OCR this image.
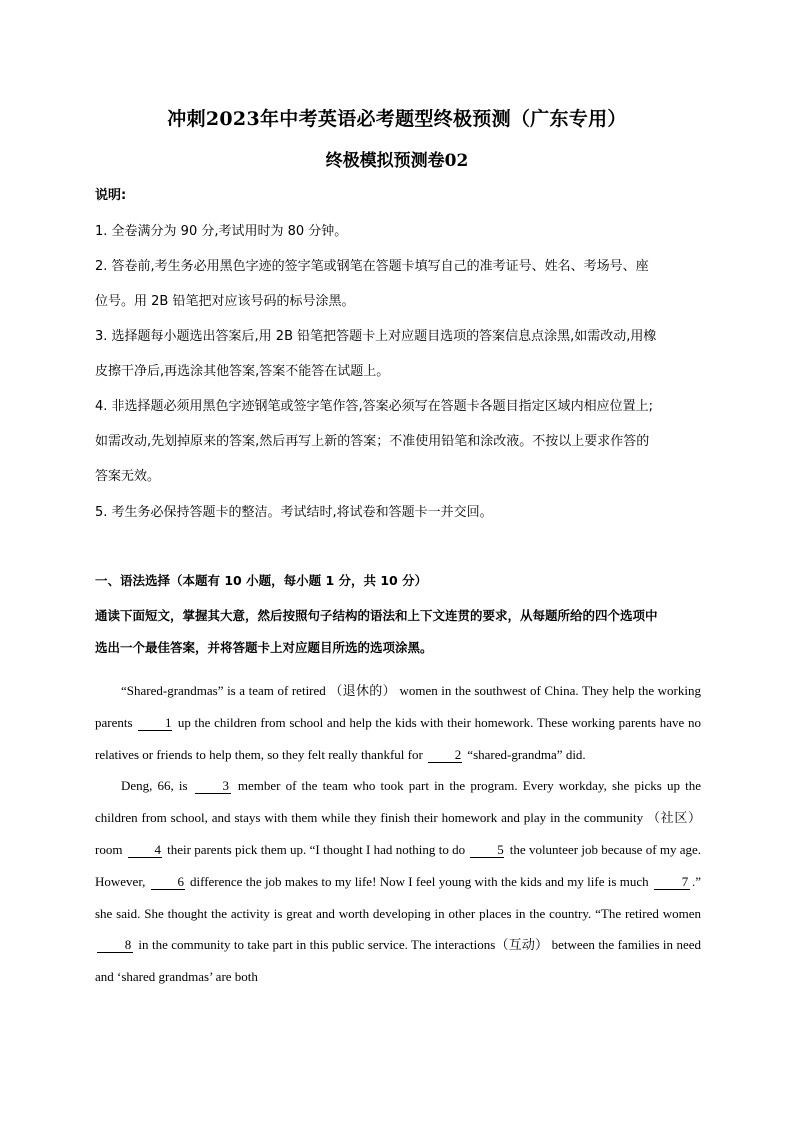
冲刺2023年中考英语必考题型终极预测（广东专用）
终极模拟预测卷02
说明:
1. 全卷满分为 90 分,考试用时为 80 分钟。
2. 答卷前,考生务必用黑色字迹的签字笔或钢笔在答题卡填写自己的准考证号、姓名、考场号、座
位号。用 2B 铅笔把对应该号码的标号涂黑。
3. 选择题每小题选出答案后,用 2B 铅笔把答题卡上对应题目选项的答案信息点涂黑,如需改动,用橡
皮擦干净后,再选涂其他答案,答案不能答在试题上。
4. 非选择题必须用黑色字迹钢笔或签字笔作答,答案必须写在答题卡各题目指定区域内相应位置上;
如需改动,先划掉原来的答案,然后再写上新的答案；不准使用铅笔和涂改液。不按以上要求作答的
答案无效。
5. 考生务必保持答题卡的整洁。考试结时,将试卷和答题卡一并交回。
一、语法选择（本题有 10 小题，每小题 1 分，共 10 分）
通读下面短文，掌握其大意，然后按照句子结构的语法和上下文连贯的要求，从每题所给的四个选项中
选出一个最佳答案，并将答题卡上对应题目所选的选项涂黑。

“Shared-grandmas” is a team of retired （退休的） women in the southwest of China. They help the working parents 1 up the children from school and help the kids with their homework. These working parents have no relatives or friends to help them, so they felt really thankful for 2 “shared-grandma” did.

Deng, 66, is	3 member of the team who took part in the program. Every workday, she picks up the children from school, and stays with them while they finish their homework and play in the community （社区） room 4 their parents pick them up. “I thought I had nothing to do 5 the volunteer job because of my age. However, 6 difference the job makes to my life! Now I feel young with the kids and my life is much	7 .” she said. She thought the activity is great and worth developing in other places in the country. “The retired women 8 in the community to take part in this public service. The interactions（互动） between the families in need and ‘shared grandmas’ are both
